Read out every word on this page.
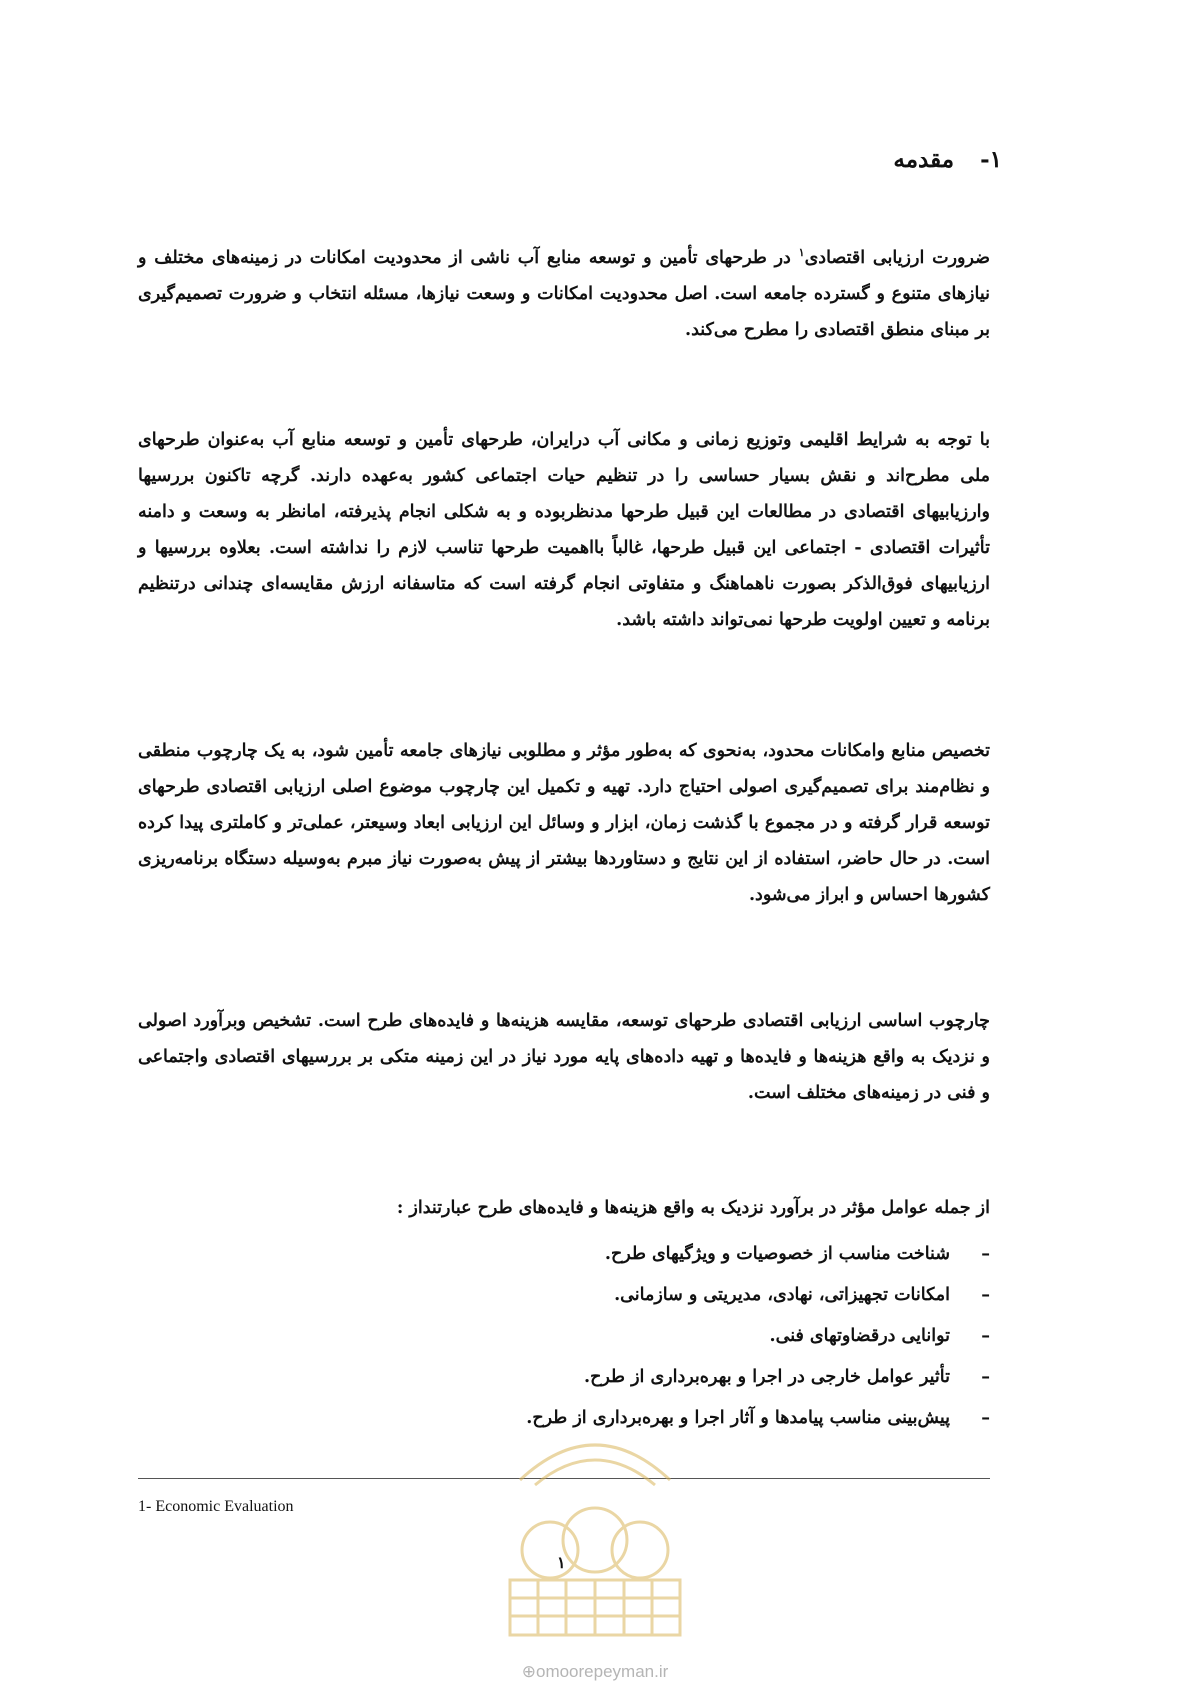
۱- مقدمه
ضرورت ارزیابی اقتصادی$^۱$ در طرحهای تأمین و توسعه منابع آب ناشی از محدودیت امکانات در زمینه‌های مختلف و نیازهای متنوع و گسترده جامعه است. اصل محدودیت امکانات و وسعت نیازها، مسئله انتخاب و ضرورت تصمیم‌گیری بر مبنای منطق اقتصادی را مطرح می‌کند.
با توجه به شرایط اقلیمی وتوزیع زمانی و مکانی آب درایران، طرحهای تأمین و توسعه منابع آب به‌عنوان طرحهای ملی مطرح‌اند و نقش بسیار حساسی را در تنظیم حیات اجتماعی کشور به‌عهده دارند. گرچه تاکنون بررسیها وارزیابیهای اقتصادی در مطالعات این قبیل طرحها مدنظربوده و به شکلی انجام پذیرفته، امانظر به وسعت و دامنه تأثیرات اقتصادی - اجتماعی این قبیل طرحها، غالباً بااهمیت طرحها تناسب لازم را نداشته است. بعلاوه بررسیها و ارزیابیهای فوق‌الذکر بصورت ناهماهنگ و متفاوتی انجام گرفته است که متاسفانه ارزش مقایسه‌ای چندانی درتنظیم برنامه و تعیین اولویت طرحها نمی‌تواند داشته باشد.
تخصیص منابع وامکانات محدود، به‌نحوی که به‌طور مؤثر و مطلوبی نیازهای جامعه تأمین شود، به یک چارچوب منطقی و نظام‌مند برای تصمیم‌گیری اصولی احتیاج دارد. تهیه و تکمیل این چارچوب موضوع اصلی ارزیابی اقتصادی طرحهای توسعه قرار گرفته و در مجموع با گذشت زمان، ابزار و وسائل این ارزیابی ابعاد وسیعتر، عملی‌تر و کاملتری پیدا کرده است. در حال حاضر، استفاده از این نتایج و دستاوردها بیشتر از پیش به‌صورت نیاز مبرم به‌وسیله دستگاه برنامه‌ریزی کشورها احساس و ابراز می‌شود.
چارچوب اساسی ارزیابی اقتصادی طرحهای توسعه، مقایسه هزینه‌ها و فایده‌های طرح است. تشخیص وبرآورد اصولی و نزدیک به واقع هزینه‌ها و فایده‌ها و تهیه داده‌های پایه مورد نیاز در این زمینه متکی بر بررسیهای اقتصادی واجتماعی و فنی در زمینه‌های مختلف است.
از جمله عوامل مؤثر در برآورد نزدیک به واقع هزینه‌ها و فایده‌های طرح عبارتنداز :
–شناخت مناسب از خصوصیات و ویژگیهای طرح.
–امکانات تجهیزاتی، نهادی، مدیریتی و سازمانی.
–توانایی درقضاوتهای فنی.
–تأثیر عوامل خارجی در اجرا و بهره‌برداری از طرح.
–پیش‌بینی مناسب پیامدها و آثار اجرا و بهره‌برداری از طرح.
1- Economic Evaluation
۱
⊕omoorepeyman.ir
